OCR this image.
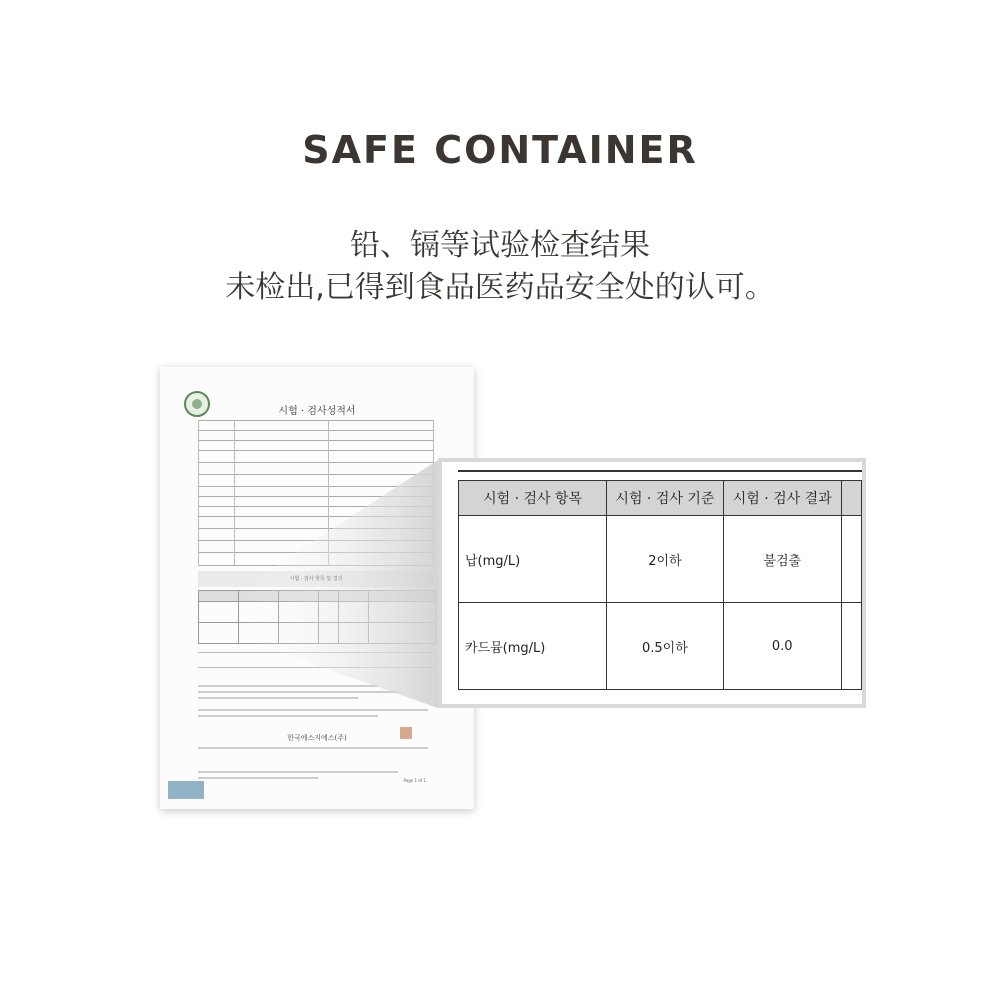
SAFE CONTAINER
铅、镉等试验检查结果
未检出,已得到食品医药品安全处的认可。
시험 · 검사성적서
한국에스지에스(주)
Page 1 of 1
시험 · 검사 항목	시험 · 검사 기준	시험 · 검사 결과	
납(mg/L)	2이하	불검출	
카드뮴(mg/L)	0.5이하	0.0	
